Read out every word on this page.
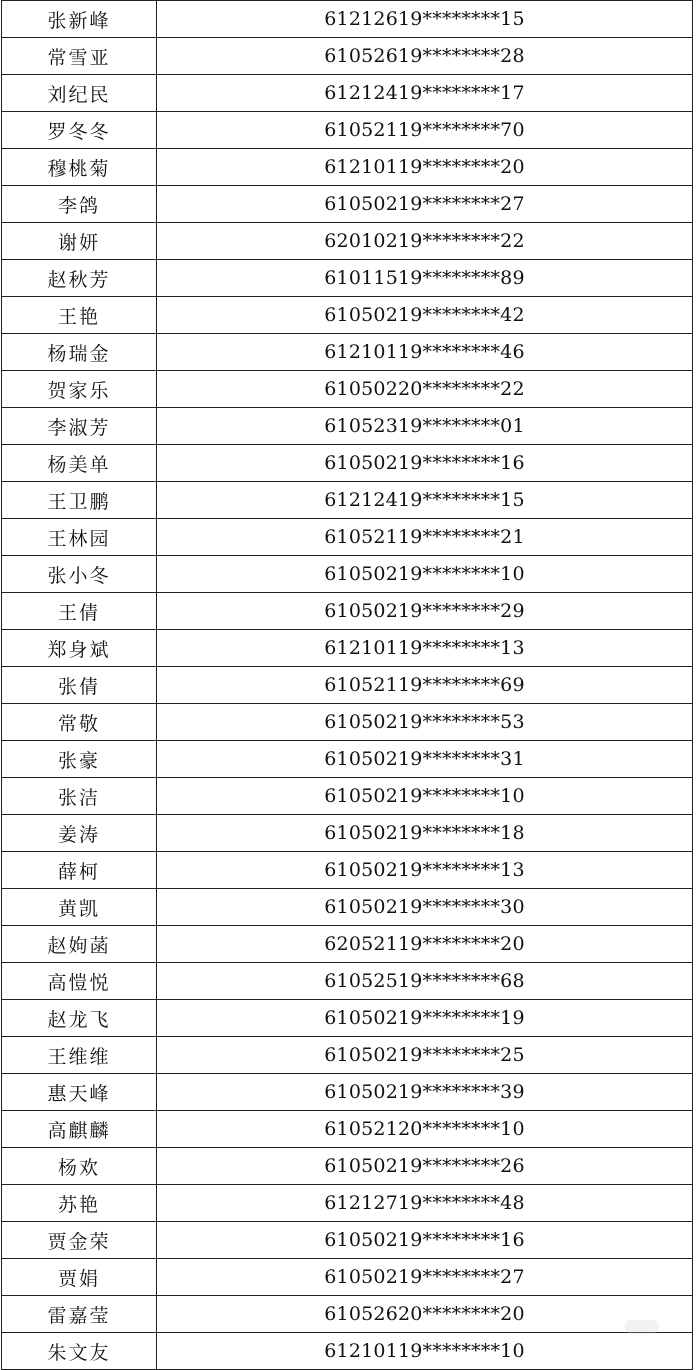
张新峰	61212619********15
常雪亚	61052619********28
刘纪民	61212419********17
罗冬冬	61052119********70
穆桃菊	61210119********20
李鸽	61050219********27
谢妍	62010219********22
赵秋芳	61011519********89
王艳	61050219********42
杨瑞金	61210119********46
贺家乐	61050220********22
李淑芳	61052319********01
杨美单	61050219********16
王卫鹏	61212419********15
王林园	61052119********21
张小冬	61050219********10
王倩	61050219********29
郑身斌	61210119********13
张倩	61052119********69
常敬	61050219********53
张豪	61050219********31
张洁	61050219********10
姜涛	61050219********18
薛柯	61050219********13
黄凯	61050219********30
赵姁菡	62052119********20
高愷悦	61052519********68
赵龙飞	61050219********19
王维维	61050219********25
惠天峰	61050219********39
高麒麟	61052120********10
杨欢	61050219********26
苏艳	61212719********48
贾金荣	61050219********16
贾娟	61050219********27
雷嘉莹	61052620********20
朱文友	61210119********10
